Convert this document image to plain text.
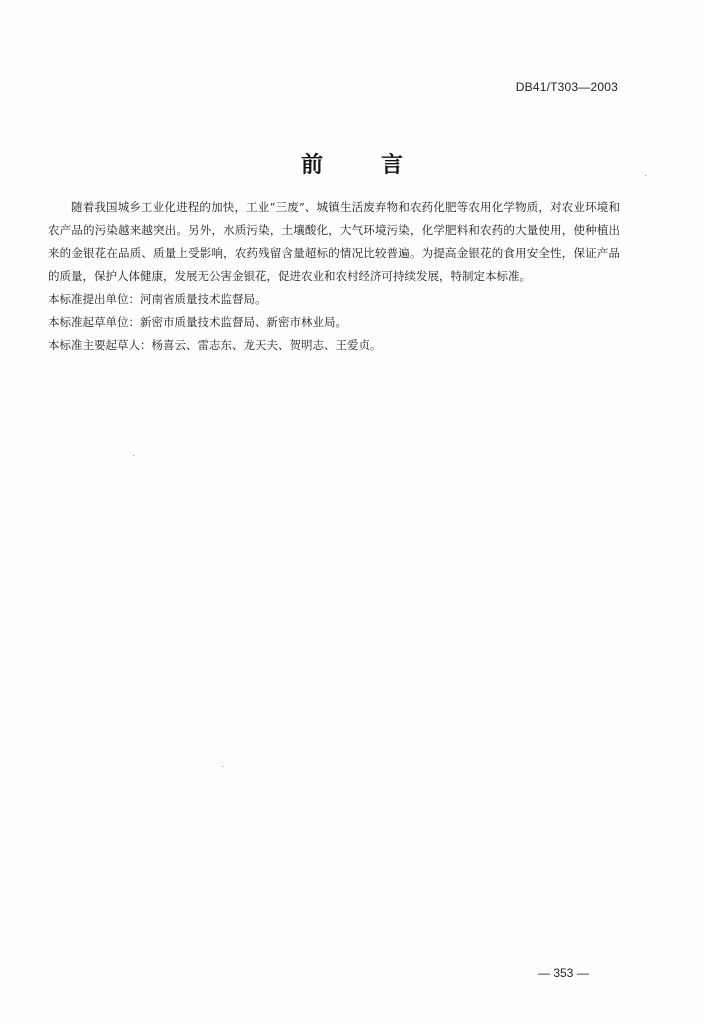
DB41/T303—2003
前言

随着我国城乡工业化进程的加快，工业“三废”、城镇生活废弃物和农药化肥等农用化学物质，对农业环境和农产品的污染越来越突出。另外，水质污染，土壤酸化，大气环境污染，化学肥料和农药的大量使用，使种植出来的金银花在品质、质量上受影响，农药残留含量超标的情况比较普遍。为提高金银花的食用安全性，保证产品的质量，保护人体健康，发展无公害金银花，促进农业和农村经济可持续发展，特制定本标准。

本标准提出单位：河南省质量技术监督局。

本标准起草单位：新密市质量技术监督局、新密市林业局。

本标准主要起草人：杨喜云、雷志东、龙天夫、贺明志、王爱贞。

— 353 —
